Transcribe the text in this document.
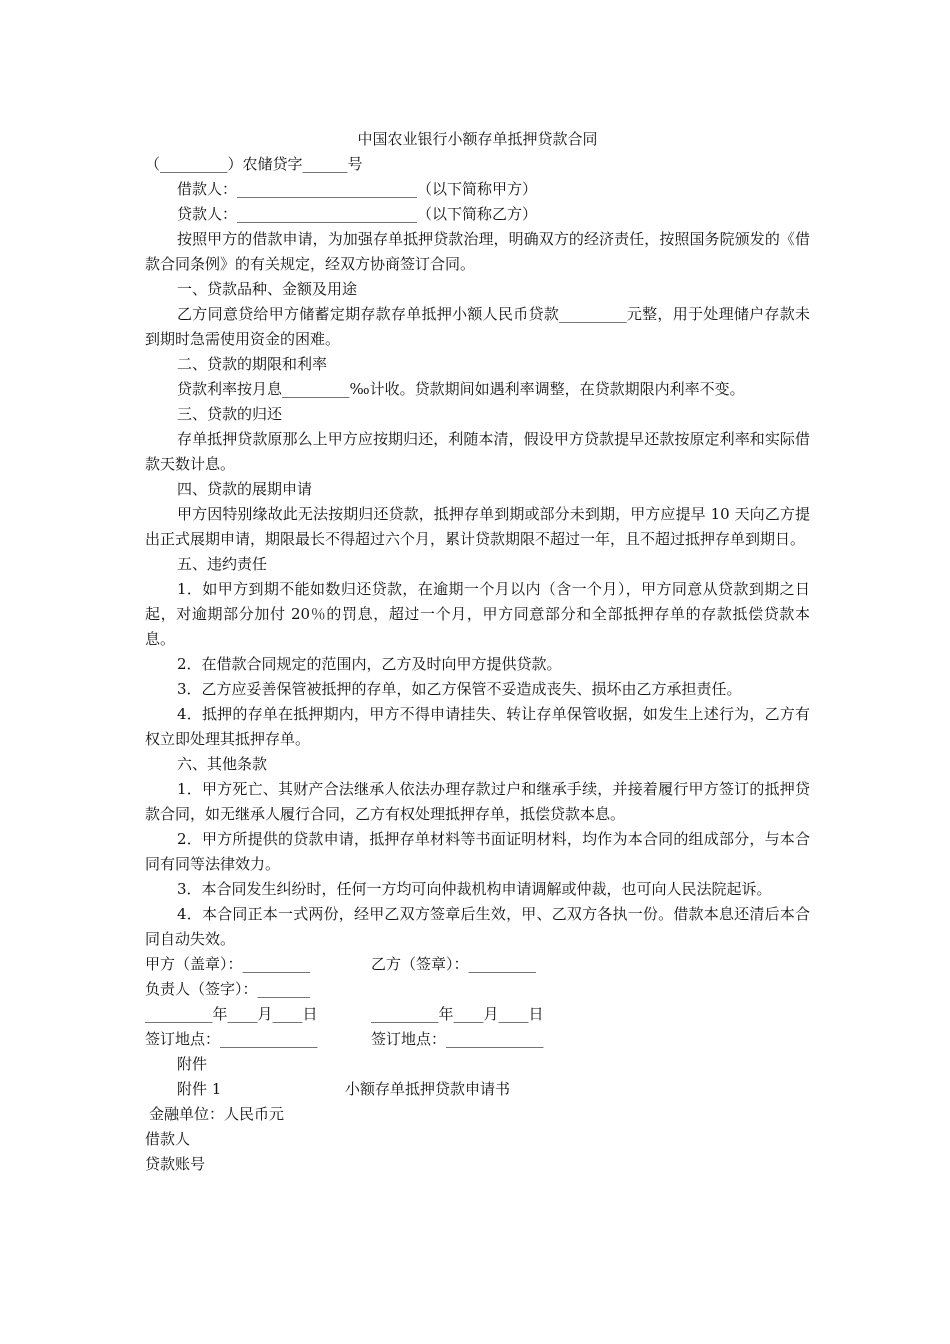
中国农业银行小额存单抵押贷款合同
（_________）农储贷字______号
借款人：________________________（以下简称甲方）
贷款人：________________________（以下简称乙方）
按照甲方的借款申请，为加强存单抵押贷款治理，明确双方的经济责任，按照国务院颁发的《借款合同条例》的有关规定，经双方协商签订合同。
一、贷款品种、金额及用途
乙方同意贷给甲方储蓄定期存款存单抵押小额人民币贷款_________元整，用于处理储户存款未到期时急需使用资金的困难。
二、贷款的期限和利率
贷款利率按月息_________‰计收。贷款期间如遇利率调整，在贷款期限内利率不变。
三、贷款的归还
存单抵押贷款原那么上甲方应按期归还，利随本清，假设甲方贷款提早还款按原定利率和实际借款天数计息。
四、贷款的展期申请
甲方因特别缘故此无法按期归还贷款，抵押存单到期或部分未到期，甲方应提早 10 天向乙方提出正式展期申请，期限最长不得超过六个月，累计贷款期限不超过一年，且不超过抵押存单到期日。
五、违约责任
1．如甲方到期不能如数归还贷款，在逾期一个月以内（含一个月），甲方同意从贷款到期之日起，对逾期部分加付 20％的罚息，超过一个月，甲方同意部分和全部抵押存单的存款抵偿贷款本息。
2．在借款合同规定的范围内，乙方及时向甲方提供贷款。
3．乙方应妥善保管被抵押的存单，如乙方保管不妥造成丧失、损坏由乙方承担责任。
4．抵押的存单在抵押期内，甲方不得申请挂失、转让存单保管收据，如发生上述行为，乙方有权立即处理其抵押存单。
六、其他条款
1．甲方死亡、其财产合法继承人依法办理存款过户和继承手续，并接着履行甲方签订的抵押贷款合同，如无继承人履行合同，乙方有权处理抵押存单，抵偿贷款本息。
2．甲方所提供的贷款申请，抵押存单材料等书面证明材料，均作为本合同的组成部分，与本合同有同等法律效力。
3．本合同发生纠纷时，任何一方均可向仲裁机构申请调解或仲裁，也可向人民法院起诉。
4．本合同正本一式两份，经甲乙双方签章后生效，甲、乙双方各执一份。借款本息还清后本合同自动失效。
甲方（盖章）：_________	乙方（签章）：_________
负责人（签字）：_______
_________年____月____日	_________年____月____日
签订地点：_____________	签订地点：_____________
附件
附件 1	小额存单抵押贷款申请书
金融单位：人民币元
借款人
贷款账号
